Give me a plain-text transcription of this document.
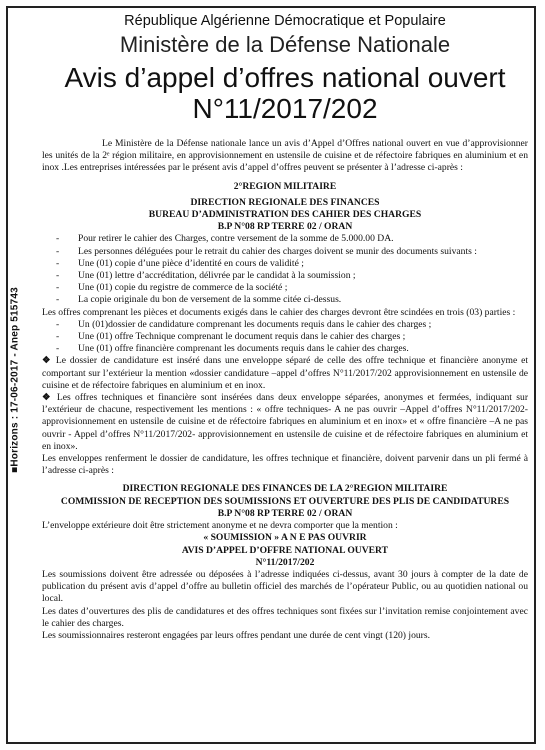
■Horizons : 17-06-2017 - Anep 515743

République Algérienne Démocratique et Populaire

Ministère de la Défense Nationale

Avis d’appel d’offres national ouvert

N°11/2017/202

Le Ministère de la Défense nationale lance un avis d’Appel d’Offres national ouvert en vue d’approvisionner les unités de la 2ᵉ région militaire, en approvisionnement en ustensile de cuisine et de réfectoire fabriques en aluminium et en inox .Les entreprises intéressées par le présent avis d’appel d’offres peuvent se présenter à l’adresse ci-après :

2°REGION MILITAIRE

DIRECTION REGIONALE DES FINANCES

BUREAU D’ADMINISTRATION DES CAHIER DES CHARGES

B.P N°08 RP TERRE 02 / ORAN

- Pour retirer le cahier des Charges, contre versement de la somme de 5.000.00 DA.
- Les personnes déléguées pour le retrait du cahier des charges doivent se munir des documents suivants :
- Une (01) copie d’une pièce d’identité en cours de validité ;
- Une (01) lettre d’accréditation, délivrée par le candidat à la soumission ;
- Une (01) copie du registre de commerce de la société ;
- La copie originale du bon de versement de la somme citée ci-dessus.

Les offres comprenant les pièces et documents exigés dans le cahier des charges devront être scindées en trois (03) parties :

- Un (01)dossier de candidature comprenant les documents requis dans le cahier des charges ;
- Une (01) offre Technique comprenant le document requis dans le cahier des charges ;
- Une (01) offre financière comprenant les documents requis dans le cahier des charges.

❖ Le dossier de candidature est inséré dans une enveloppe séparé de celle des offre technique et financière anonyme et comportant sur l’extérieur la mention «dossier candidature –appel d’offres N°11/2017/202 approvisionnement en ustensile de cuisine et de réfectoire fabriques en aluminium et en inox.

❖ Les offres techniques et financière sont insérées dans deux enveloppe séparées, anonymes et fermées, indiquant sur l’extérieur de chacune, respectivement les mentions : « offre techniques- A ne pas ouvrir –Appel d’offres N°11/2017/202- approvisionnement en ustensile de cuisine et de réfectoire fabriques en aluminium et en inox» et « offre financière –A ne pas ouvrir - Appel d’offres N°11/2017/202- approvisionnement en ustensile de cuisine et de réfectoire fabriques en aluminium et en inox».

Les enveloppes renferment le dossier de candidature, les offres technique et financière, doivent parvenir dans un pli fermé à l’adresse ci-après :

DIRECTION REGIONALE DES FINANCES DE LA 2°REGION MILITAIRE

COMMISSION DE RECEPTION DES SOUMISSIONS ET OUVERTURE DES PLIS DE CANDIDATURES

B.P N°08 RP TERRE 02 / ORAN

L’enveloppe extérieure doit être strictement anonyme et ne devra comporter que la mention :

« SOUMISSION » A N E PAS OUVRIR

AVIS D’APPEL D’OFFRE NATIONAL OUVERT

N°11/2017/202

Les soumissions doivent être adressée ou déposées à l’adresse indiquées ci-dessus, avant 30 jours à compter de la date de publication du présent avis d’appel d’offre au bulletin officiel des marchés de l’opérateur Public, ou au quotidien national ou local.

Les dates d’ouvertures des plis de candidatures et des offres techniques sont fixées sur l’invitation remise conjointement avec le cahier des charges.

Les soumissionnaires resteront engagées par leurs offres pendant une durée de cent vingt (120) jours.
